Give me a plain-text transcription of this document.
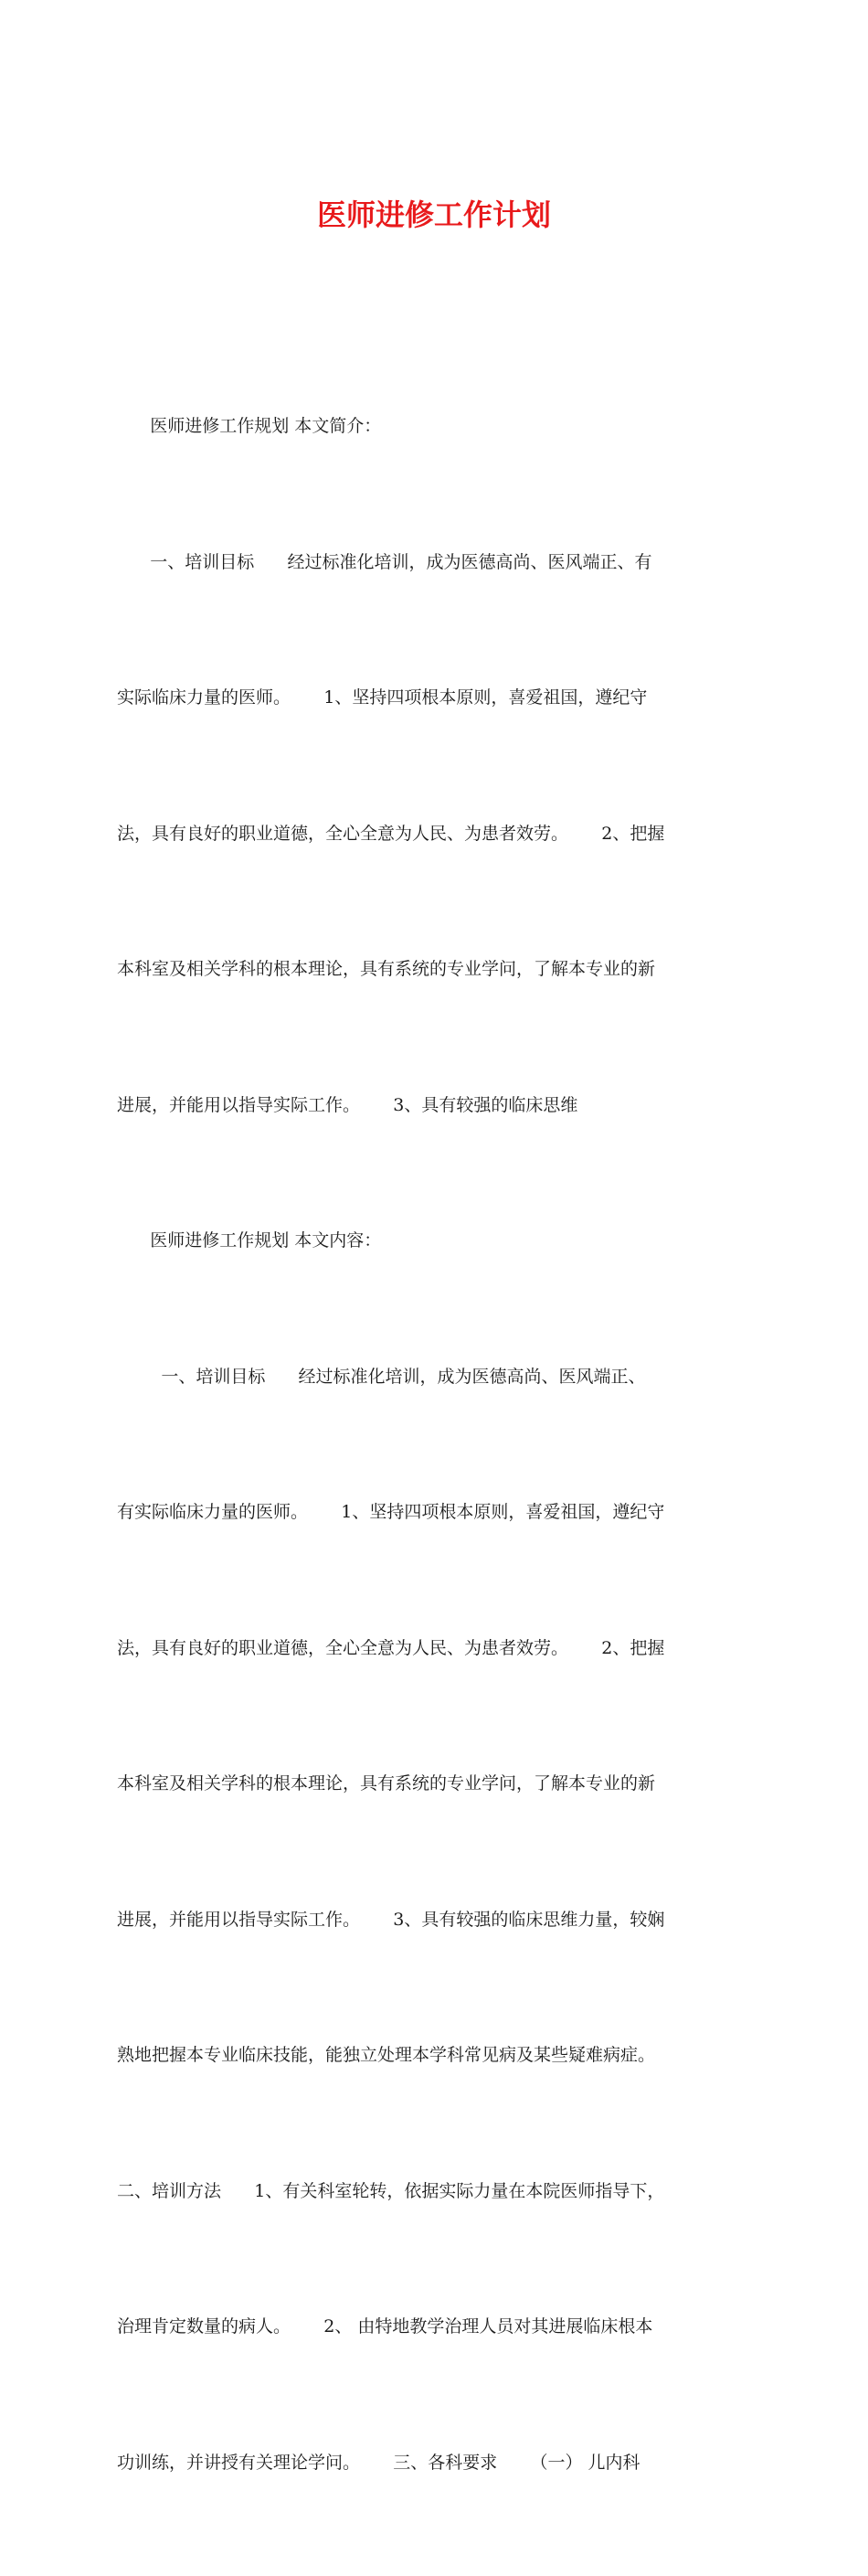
医师进修工作计划

医师进修工作规划 本文简介：

一、培训目标      经过标准化培训，成为医德高尚、医风端正、有

实际临床力量的医师。      1、坚持四项根本原则，喜爱祖国，遵纪守

法，具有良好的职业道德，全心全意为人民、为患者效劳。      2、把握

本科室及相关学科的根本理论，具有系统的专业学问，了解本专业的新

进展，并能用以指导实际工作。      3、具有较强的临床思维

医师进修工作规划 本文内容：

一、培训目标      经过标准化培训，成为医德高尚、医风端正、

有实际临床力量的医师。      1、坚持四项根本原则，喜爱祖国，遵纪守

法，具有良好的职业道德，全心全意为人民、为患者效劳。      2、把握

本科室及相关学科的根本理论，具有系统的专业学问，了解本专业的新

进展，并能用以指导实际工作。      3、具有较强的临床思维力量，较娴

熟地把握本专业临床技能，能独立处理本学科常见病及某些疑难病症。

二、培训方法      1、有关科室轮转，依据实际力量在本院医师指导下，

治理肯定数量的病人。      2、 由特地教学治理人员对其进展临床根本

功训练，并讲授有关理论学问。      三、各科要求      （一） 儿内科
